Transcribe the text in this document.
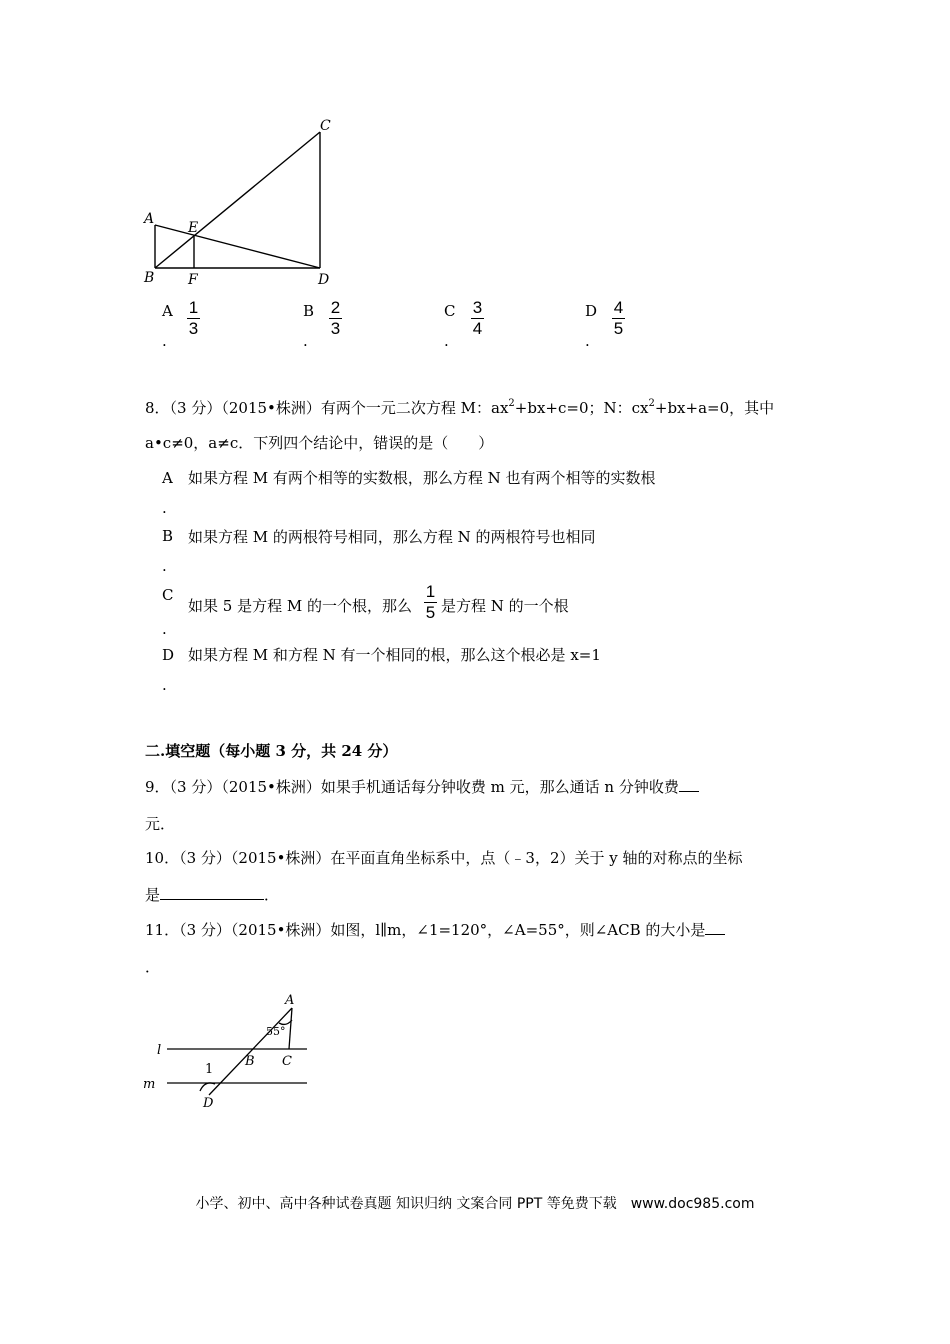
A
B
C
D
E
F
A
.
1
3
B
.
2
3
C
.
3
4
D
.
4
5
8．（3 分）（2015•株洲）有两个一元二次方程 M：$ax^2+bx+c=0$；N：$cx^2+bx+a=0$，其中
a•c≠0，a≠c．下列四个结论中，错误的是（　　）
A 如果方程 M 有两个相等的实数根，那么方程 N 也有两个相等的实数根
.
B 如果方程 M 的两根符号相同，那么方程 N 的两根符号也相同
.
C
如果 5 是方程 M 的一个根，那么
1
5 是方程 N 的一个根
.
D 如果方程 M 和方程 N 有一个相同的根，那么这个根必是 x=1
.
二.填空题（每小题 3 分，共 24 分）
9．（3 分）（2015•株洲）如果手机通话每分钟收费 m 元，那么通话 n 分钟收费
元．
10．（3 分）（2015•株洲）在平面直角坐标系中，点（﹣3，2）关于 y 轴的对称点的坐标
是	．
11．（3 分）（2015•株洲）如图，l∥m，∠1=120°，∠A=55°，则∠ACB 的大小是
．
A
B C
D
l
m
1
55°
小学、初中、高中各种试卷真题 知识归纳 文案合同 PPT 等免费下载　www.doc985.com
